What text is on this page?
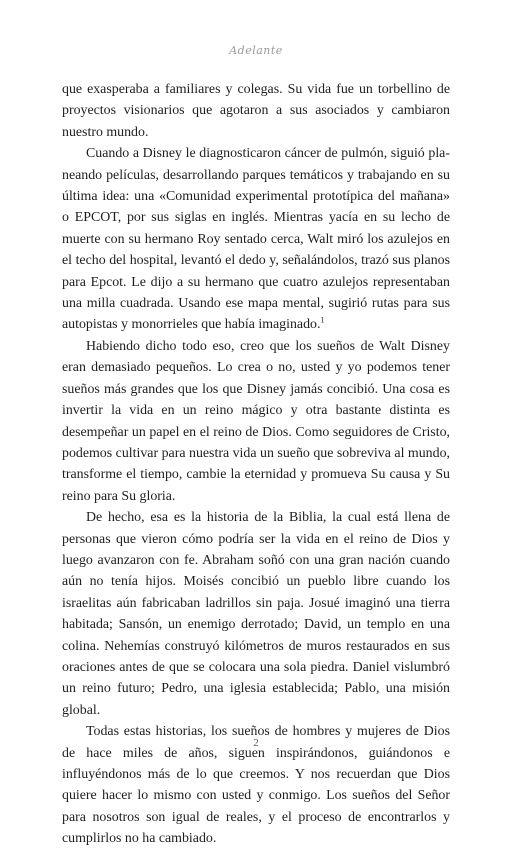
Adelante

que exasperaba a familiares y colegas. Su vida fue un torbellino de proyectos visionarios que agotaron a sus asociados y cambiaron nuestro mundo.

Cuando a Disney le diagnosticaron cáncer de pulmón, siguió planeando películas, desarrollando parques temáticos y trabajando en su última idea: una «Comunidad experimental prototípica del mañana» o EPCOT, por sus siglas en inglés. Mientras yacía en su lecho de muerte con su hermano Roy sentado cerca, Walt miró los azulejos en el techo del hospital, levantó el dedo y, señalándolos, trazó sus planos para Epcot. Le dijo a su hermano que cuatro azulejos representaban una milla cuadrada. Usando ese mapa mental, sugirió rutas para sus autopistas y monorrieles que había imaginado.$^1$

Habiendo dicho todo eso, creo que los sueños de Walt Disney eran demasiado pequeños. Lo crea o no, usted y yo podemos tener sueños más grandes que los que Disney jamás concibió. Una cosa es invertir la vida en un reino mágico y otra bastante distinta es desempeñar un papel en el reino de Dios. Como seguidores de Cristo, podemos cultivar para nuestra vida un sueño que sobreviva al mundo, transforme el tiempo, cambie la eternidad y promueva Su causa y Su reino para Su gloria.

De hecho, esa es la historia de la Biblia, la cual está llena de personas que vieron cómo podría ser la vida en el reino de Dios y luego avanzaron con fe. Abraham soñó con una gran nación cuando aún no tenía hijos. Moisés concibió un pueblo libre cuando los israelitas aún fabricaban ladrillos sin paja. Josué imaginó una tierra habitada; Sansón, un enemigo derrotado; David, un templo en una colina. Nehemías construyó kilómetros de muros restaurados en sus oraciones antes de que se colocara una sola piedra. Daniel vislumbró un reino futuro; Pedro, una iglesia establecida; Pablo, una misión global.

Todas estas historias, los sueños de hombres y mujeres de Dios de hace miles de años, siguen inspirándonos, guiándonos e influyéndonos más de lo que creemos. Y nos recuerdan que Dios quiere hacer lo mismo con usted y conmigo. Los sueños del Señor para nosotros son igual de reales, y el proceso de encontrarlos y cumplirlos no ha cambiado.

2
